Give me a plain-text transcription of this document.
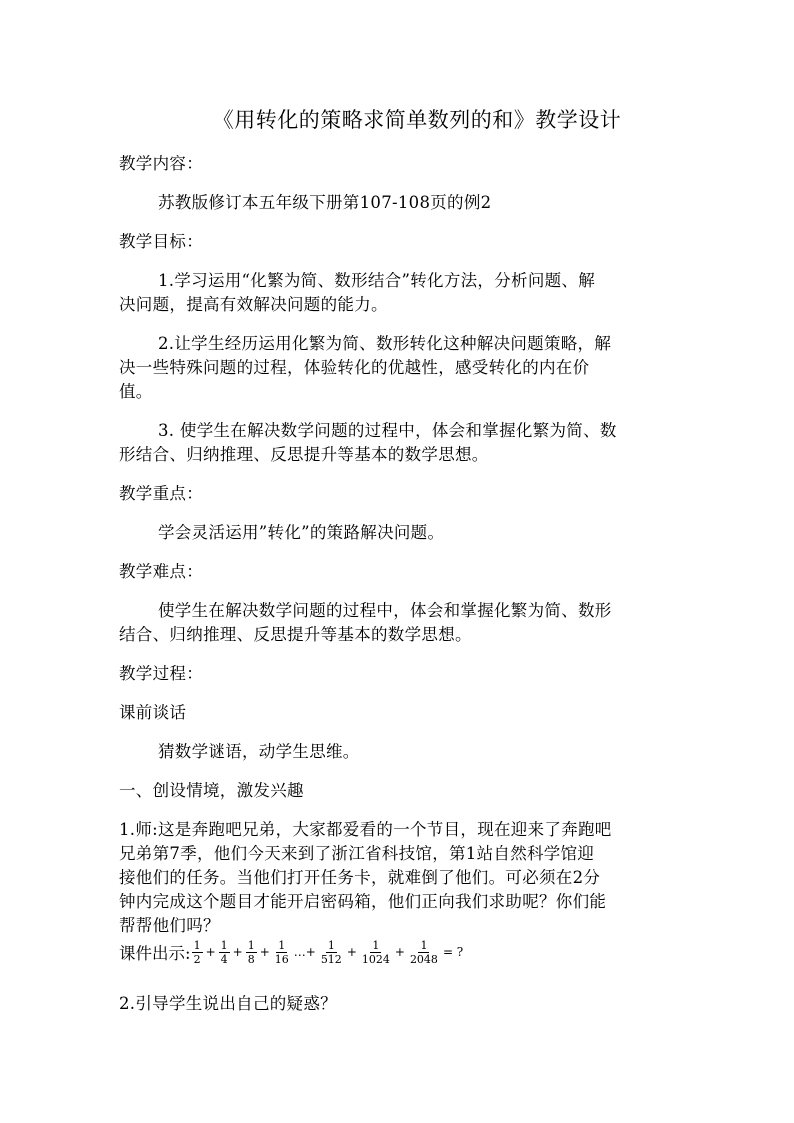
《用转化的策略求简单数列的和》教学设计
教学内容：
苏教版修订本五年级下册第107-108页的例2
教学目标：
1.学习运用“化繁为简、数形结合”转化方法，分析问题、解
决问题，提高有效解决问题的能力。
2.让学生经历运用化繁为简、数形转化这种解决问题策略，解
决一些特殊问题的过程，体验转化的优越性，感受转化的内在价
值。
3. 使学生在解决数学问题的过程中，体会和掌握化繁为简、数
形结合、归纳推理、反思提升等基本的数学思想。
教学重点：
学会灵活运用”转化”的策路解决问题。
教学难点：
使学生在解决数学问题的过程中，体会和掌握化繁为简、数形
结合、归纳推理、反思提升等基本的数学思想。
教学过程：
课前谈话
猜数学谜语，动学生思维。
一、创设情境，激发兴趣
1.师:这是奔跑吧兄弟，大家都爱看的一个节目，现在迎来了奔跑吧
兄弟第7季，他们今天来到了浙江省科技馆，第1站自然科学馆迎
接他们的任务。当他们打开任务卡，就难倒了他们。可必须在2分
钟内完成这个题目才能开启密码箱，他们正向我们求助呢？你们能
帮帮他们吗？
课件出示: $\frac{1}{2} + \frac{1}{4} + \frac{1}{8} + \frac{1}{16}$ …+ $\frac{1}{512} + \frac{1}{1024} + \frac{1}{2048}$ = ?
2.引导学生说出自己的疑惑？
